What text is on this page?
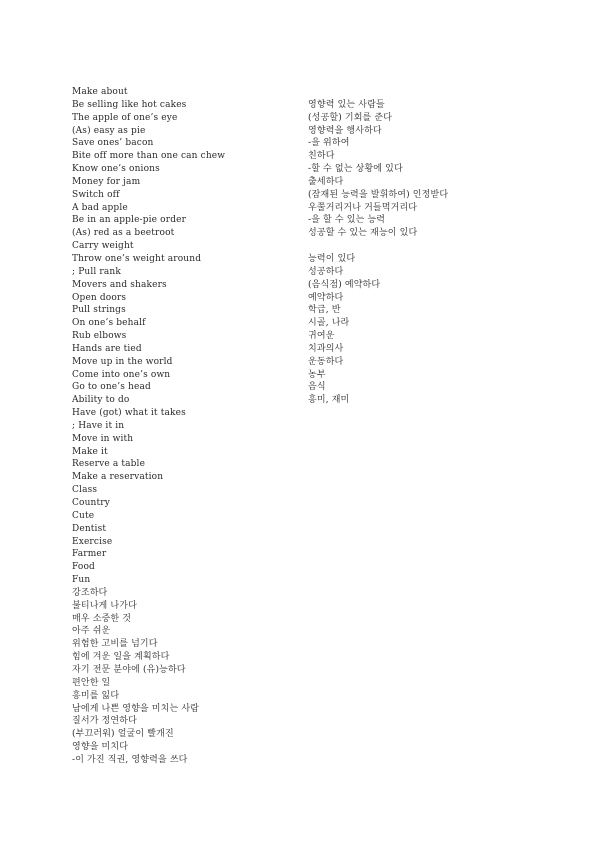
Make about
Be selling like hot cakes
The apple of one’s eye
(As) easy as pie
Save ones’ bacon
Bite off more than one can chew
Know one’s onions
Money for jam
Switch off
A bad apple
Be in an apple-pie order
(As) red as a beetroot
Carry weight
Throw one’s weight around
; Pull rank
Movers and shakers
Open doors
Pull strings
On one’s behalf
Rub elbows
Hands are tied
Move up in the world
Come into one’s own
Go to one’s head
Ability to do
Have (got) what it takes
; Have it in
Move in with
Make it
Reserve a table
Make a reservation
Class
Country
Cute
Dentist
Exercise
Farmer
Food
Fun
강조하다
불티나게 나가다
매우 소중한 것
아주 쉬운
위험한 고비를 넘기다
힘에 겨운 일을 계획하다
자기 전문 분야에 (유)능하다
편안한 일
흥미를 잃다
남에게 나쁜 영향을 미치는 사람
질서가 정연하다
(부끄러워) 얼굴이 빨개진
영향을 미치다
-이 가진 직권, 영향력을 쓰다
영향력 있는 사람들
(성공할) 기회를 준다
영향력을 행사하다
-을 위하여
친하다
-할 수 없는 상황에 있다
출세하다
(잠재된 능력을 발휘하여) 인정받다
우쭐거리거나 거들먹거리다
-을 할 수 있는 능력
성공할 수 있는 재능이 있다
능력이 있다
성공하다
(음식점) 예약하다
예약하다
학급, 반
시골, 나라
귀여운
치과의사
운동하다
농부
음식
흥미, 재미
